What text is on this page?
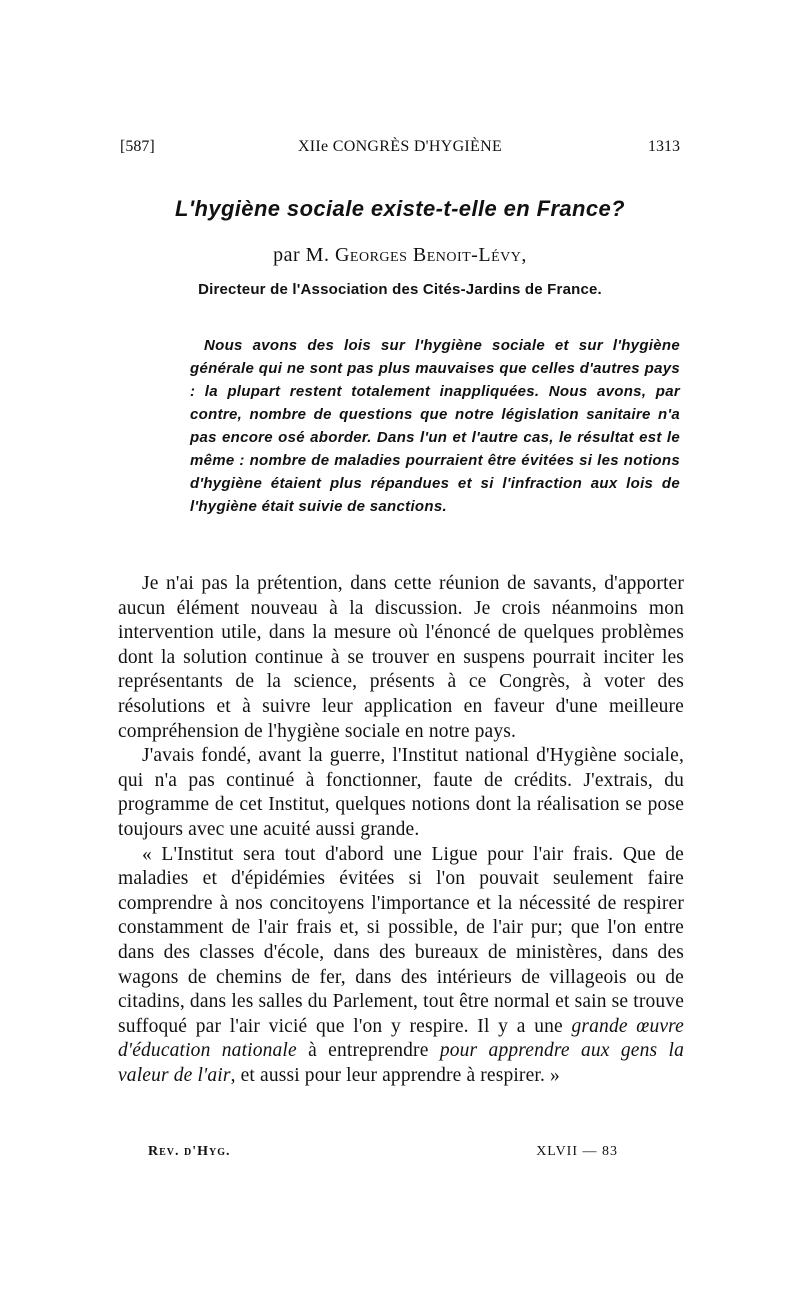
[587]	XIIe CONGRÈS D'HYGIÈNE	1313
L'hygiène sociale existe-t-elle en France?
par M. Georges Benoit-Lévy,
Directeur de l'Association des Cités-Jardins de France.
Nous avons des lois sur l'hygiène sociale et sur l'hygiène générale qui ne sont pas plus mauvaises que celles d'autres pays : la plupart restent totalement inappliquées. Nous avons, par contre, nombre de questions que notre législation sanitaire n'a pas encore osé aborder. Dans l'un et l'autre cas, le résultat est le même : nombre de maladies pourraient être évitées si les notions d'hygiène étaient plus répandues et si l'infraction aux lois de l'hygiène était suivie de sanctions.

Je n'ai pas la prétention, dans cette réunion de savants, d'apporter aucun élément nouveau à la discussion. Je crois néanmoins mon intervention utile, dans la mesure où l'énoncé de quelques problèmes dont la solution continue à se trouver en suspens pourrait inciter les représentants de la science, présents à ce Congrès, à voter des résolutions et à suivre leur application en faveur d'une meilleure compréhension de l'hygiène sociale en notre pays.

J'avais fondé, avant la guerre, l'Institut national d'Hygiène sociale, qui n'a pas continué à fonctionner, faute de crédits. J'extrais, du programme de cet Institut, quelques notions dont la réalisation se pose toujours avec une acuité aussi grande.

« L'Institut sera tout d'abord une Ligue pour l'air frais. Que de maladies et d'épidémies évitées si l'on pouvait seulement faire comprendre à nos concitoyens l'importance et la nécessité de respirer constamment de l'air frais et, si possible, de l'air pur; que l'on entre dans des classes d'école, dans des bureaux de ministères, dans des wagons de chemins de fer, dans des intérieurs de villageois ou de citadins, dans les salles du Parlement, tout être normal et sain se trouve suffoqué par l'air vicié que l'on y respire. Il y a une grande œuvre d'éducation nationale à entreprendre pour apprendre aux gens la valeur de l'air, et aussi pour leur apprendre à respirer. »

Rev. d'Hyg.	XLVII — 83
